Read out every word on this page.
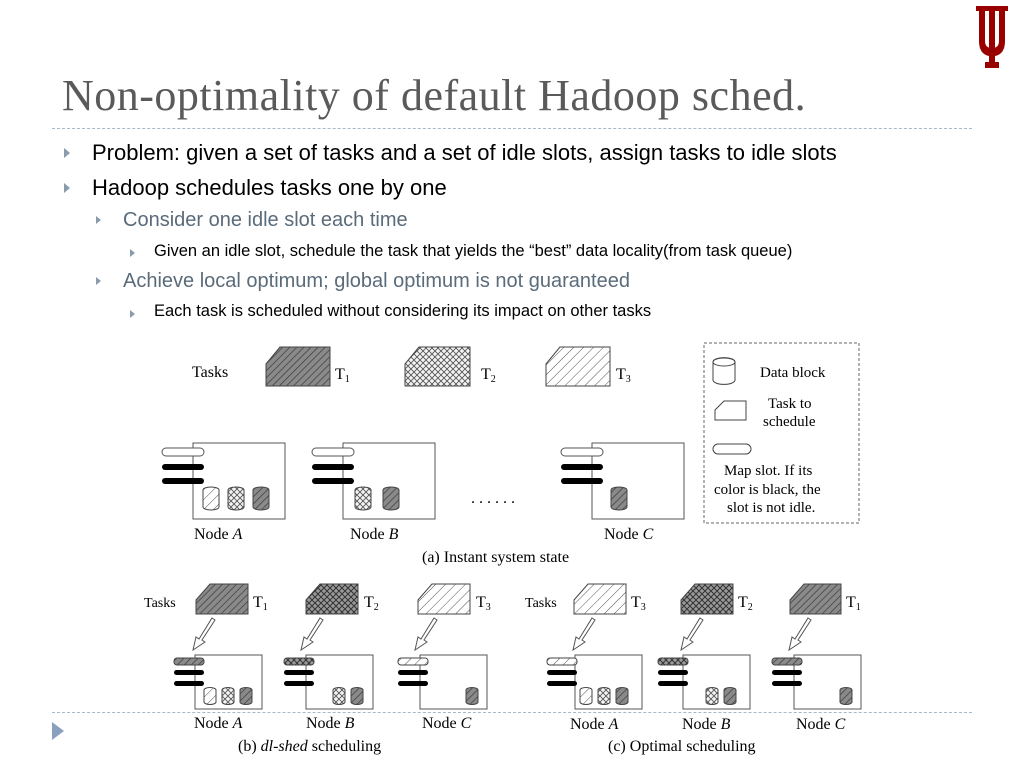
Non-optimality of default Hadoop sched.
Problem: given a set of tasks and a set of idle slots, assign tasks to idle slots
Hadoop schedules tasks one by one
Consider one idle slot each time
Given an idle slot, schedule the task that yields the “best” data locality(from task queue)
Achieve local optimum; global optimum is not guaranteed
Each task is scheduled without considering its impact on other tasks
Tasks	T1	T2	T3
Node A	Node B
. . . . . .
Node C
(a) Instant system state
Data block
Task to
schedule
Map slot. If its
color is black, the
slot is not idle.
Tasks	T1	T2	T3
Node A	Node B	Node C
(b) dl-shed scheduling
Tasks	T3	T2	T1
Node A	Node B	Node C
(c) Optimal scheduling
